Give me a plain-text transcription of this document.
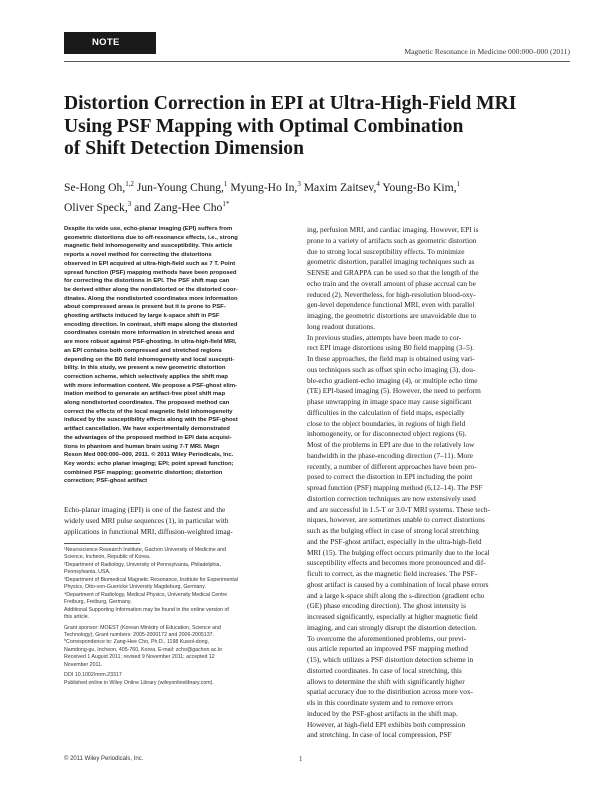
NOTE
Magnetic Resonance in Medicine 000:000–000 (2011)
Distortion Correction in EPI at Ultra-High-Field MRI
Using PSF Mapping with Optimal Combination
of Shift Detection Dimension
Se-Hong Oh,$^{1,2}$ Jun-Young Chung,$^1$ Myung-Ho In,$^3$ Maxim Zaitsev,$^4$ Young-Bo Kim,$^1$
Oliver Speck,$^3$ and Zang-Hee Cho$^{1*}$
Despite its wide use, echo-planar imaging (EPI) suffers from
geometric distortions due to off-resonance effects, i.e., strong
magnetic field inhomogeneity and susceptibility. This article
reports a novel method for correcting the distortions
observed in EPI acquired at ultra-high-field such as 7 T. Point
spread function (PSF) mapping methods have been proposed
for correcting the distortions in EPI. The PSF shift map can
be derived either along the nondistorted or the distorted coor-
dinates. Along the nondistorted coordinates more information
about compressed areas is present but it is prone to PSF-
ghosting artifacts induced by large k-space shift in PSF
encoding direction. In contrast, shift maps along the distorted
coordinates contain more information in stretched areas and
are more robust against PSF-ghosting. In ultra-high-field MRI,
an EPI contains both compressed and stretched regions
depending on the B0 field inhomogeneity and local suscepti-
bility. In this study, we present a new geometric distortion
correction scheme, which selectively applies the shift map
with more information content. We propose a PSF-ghost elim-
ination method to generate an artifact-free pixel shift map
along nondistorted coordinates. The proposed method can
correct the effects of the local magnetic field inhomogeneity
induced by the susceptibility effects along with the PSF-ghost
artifact cancellation. We have experimentally demonstrated
the advantages of the proposed method in EPI data acquisi-
tions in phantom and human brain using 7-T MRI. Magn
Reson Med 000:000–000, 2011. © 2011 Wiley Periodicals, Inc.
Key words: echo planar imaging; EPI; point spread function;
combined PSF mapping; geometric distortion; distortion
correction; PSF-ghost artifact
Echo-planar imaging (EPI) is one of the fastest and the
widely used MRI pulse sequences (1), in particular with
applications in functional MRI, diffusion-weighted imag-
¹Neuroscience Research Institute, Gachon University of Medicine and
Science, Incheon, Republic of Korea.
²Department of Radiology, University of Pennsylvania, Philadelphia,
Pennsylvania, USA.
³Department of Biomedical Magnetic Resonance, Institute for Experimental
Physics, Otto-von-Guericke University Magdeburg, Germany.
⁴Department of Radiology, Medical Physics, University Medical Centre
Freiburg, Freiburg, Germany.
Additional Supporting Information may be found in the online version of
this article.
Grant sponsor: MOEST (Korean Ministry of Education, Science and
Technology); Grant numbers: 2005-2000172 and 2006-2005137.
*Correspondence to: Zang-Hee Cho, Ph.D., 1198 Kuwol-dong,
Namdong-gu, Incheon, 405-760, Korea. E-mail: zcho@gachon.ac.kr
Received 1 August 2011; revised 9 November 2011; accepted 12
November 2011.
DOI 10.1002/mrm.23317
Published online in Wiley Online Library (wileyonlinelibrary.com).
ing, perfusion MRI, and cardiac imaging. However, EPI is
prone to a variety of artifacts such as geometric distortion
due to strong local susceptibility effects. To minimize
geometric distortion, parallel imaging techniques such as
SENSE and GRAPPA can be used so that the length of the
echo train and the overall amount of phase accrual can be
reduced (2). Nevertheless, for high-resolution blood-oxy-
gen-level dependence functional MRI, even with parallel
imaging, the geometric distortions are unavoidable due to
long readout durations.
In previous studies, attempts have been made to cor-
rect EPI image distortions using B0 field mapping (3–5).
In these approaches, the field map is obtained using vari-
ous techniques such as offset spin echo imaging (3), dou-
ble-echo gradient-echo imaging (4), or multiple echo time
(TE) EPI-based imaging (5). However, the need to perform
phase unwrapping in image space may cause significant
difficulties in the calculation of field maps, especially
close to the object boundaries, in regions of high field
inhomogeneity, or for disconnected object regions (6).
Most of the problems in EPI are due to the relatively low
bandwidth in the phase-encoding direction (7–11). More
recently, a number of different approaches have been pro-
posed to correct the distortion in EPI including the point
spread function (PSF) mapping method (6,12–14). The PSF
distortion correction techniques are now extensively used
and are successful in 1.5-T or 3.0-T MRI systems. These tech-
niques, however, are sometimes unable to correct distortions
such as the bulging effect in case of strong local stretching
and the PSF-ghost artifact, especially in the ultra-high-field
MRI (15). The bulging effect occurs primarily due to the local
susceptibility effects and becomes more pronounced and dif-
ficult to correct, as the magnetic field increases. The PSF-
ghost artifact is caused by a combination of local phase errors
and a large k-space shift along the s-direction (gradient echo
(GE) phase encoding direction). The ghost intensity is
increased significantly, especially at higher magnetic field
imaging, and can strongly disrupt the distortion detection.
To overcome the aforementioned problems, our previ-
ous article reported an improved PSF mapping method
(15), which utilizes a PSF distortion detection scheme in
distorted coordinates. In case of local stretching, this
allows to determine the shift with significantly higher
spatial accuracy due to the distribution across more vox-
els in this coordinate system and to remove errors
induced by the PSF-ghost artifacts in the shift map.
However, at high-field EPI exhibits both compression
and stretching. In case of local compression, PSF
© 2011 Wiley Periodicals, Inc.	1
